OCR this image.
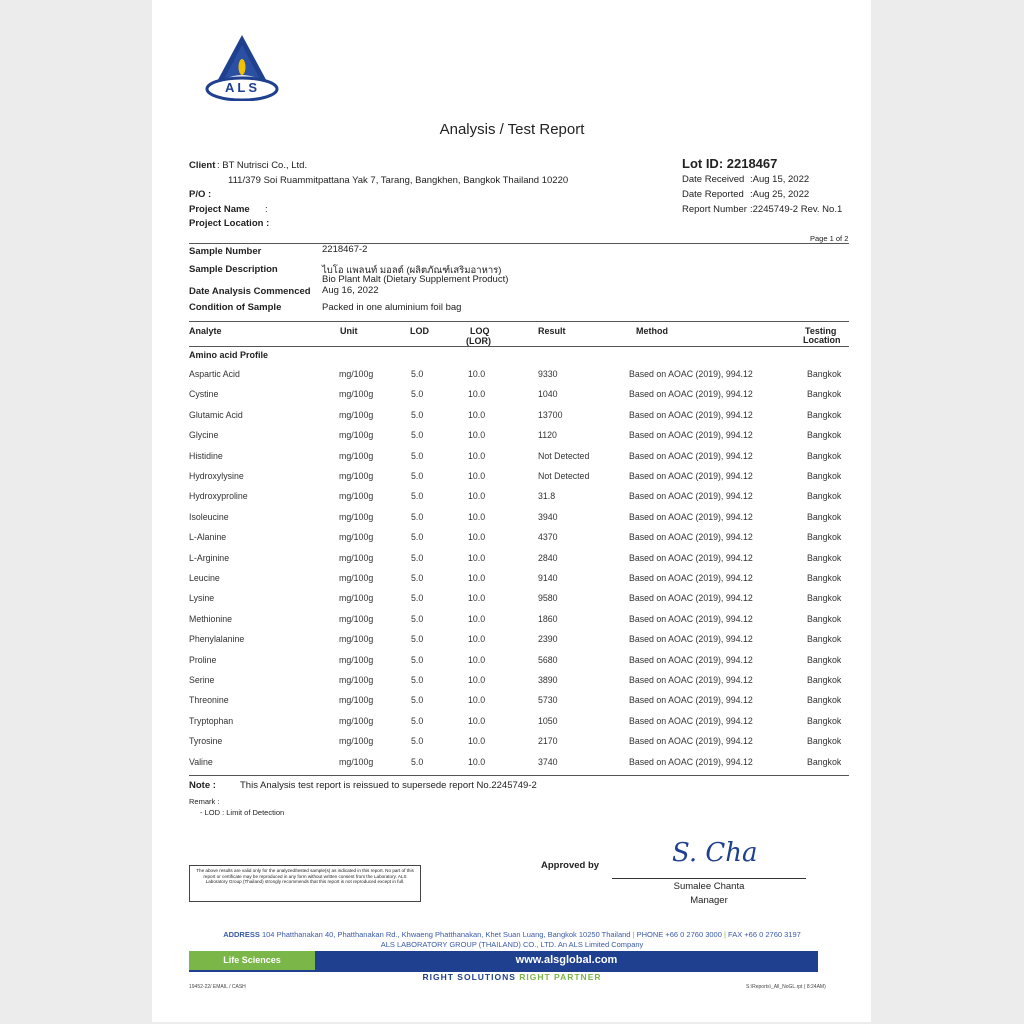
ALS
Analysis / Test Report
Client : BT Nutrisci Co., Ltd.
111/379 Soi Ruammitpattana Yak 7, Tarang, Bangkhen, Bangkok Thailand 10220
P/O :
Project Name :
Project Location :
Lot ID: 2218467
Date Received :Aug 15, 2022
Date Reported :Aug 25, 2022
Report Number :2245749-2 Rev. No.1
Page 1 of 2
Sample Number	2218467-2
Sample Description	ไบโอ แพลนท์ มอลต์ (ผลิตภัณฑ์เสริมอาหาร)
Bio Plant Malt (Dietary Supplement Product)
Date Analysis Commenced Aug 16, 2022
Condition of Sample	Packed in one aluminium foil bag
Analyte	Unit	LOD	LOQ
(LOR)
Result	Method	Testing
Location
Amino acid Profile
Aspartic Acid	mg/100g	5.0	10.0	9330	Based on AOAC (2019), 994.12	Bangkok
Cystine	mg/100g	5.0	10.0	1040	Based on AOAC (2019), 994.12	Bangkok
Glutamic Acid	mg/100g	5.0	10.0	13700	Based on AOAC (2019), 994.12	Bangkok
Glycine	mg/100g	5.0	10.0	1120	Based on AOAC (2019), 994.12	Bangkok
Histidine	mg/100g	5.0	10.0	Not Detected	Based on AOAC (2019), 994.12	Bangkok
Hydroxylysine	mg/100g	5.0	10.0	Not Detected	Based on AOAC (2019), 994.12	Bangkok
Hydroxyproline	mg/100g	5.0	10.0	31.8	Based on AOAC (2019), 994.12	Bangkok
Isoleucine	mg/100g	5.0	10.0	3940	Based on AOAC (2019), 994.12	Bangkok
L-Alanine	mg/100g	5.0	10.0	4370	Based on AOAC (2019), 994.12	Bangkok
L-Arginine	mg/100g	5.0	10.0	2840	Based on AOAC (2019), 994.12	Bangkok
Leucine	mg/100g	5.0	10.0	9140	Based on AOAC (2019), 994.12	Bangkok
Lysine	mg/100g	5.0	10.0	9580	Based on AOAC (2019), 994.12	Bangkok
Methionine	mg/100g	5.0	10.0	1860	Based on AOAC (2019), 994.12	Bangkok
Phenylalanine	mg/100g	5.0	10.0	2390	Based on AOAC (2019), 994.12	Bangkok
Proline	mg/100g	5.0	10.0	5680	Based on AOAC (2019), 994.12	Bangkok
Serine	mg/100g	5.0	10.0	3890	Based on AOAC (2019), 994.12	Bangkok
Threonine	mg/100g	5.0	10.0	5730	Based on AOAC (2019), 994.12	Bangkok
Tryptophan	mg/100g	5.0	10.0	1050	Based on AOAC (2019), 994.12	Bangkok
Tyrosine	mg/100g	5.0	10.0	2170	Based on AOAC (2019), 994.12	Bangkok
Valine	mg/100g	5.0	10.0	3740	Based on AOAC (2019), 994.12	Bangkok
Note :	This Analysis test report is reissued to supersede report No.2245749-2
Remark :
- LOD : Limit of Detection
The above results are valid only for the analyzed/tested sample(s) as indicated in this report. No part of this report or certificate may be reproduced in any form without written consent from the Laboratory. ALS Laboratory Group (Thailand) strongly recommends that this report is not reproduced except in full.
Approved by	S. Cha
Sumalee Chanta
Manager
ADDRESS 104 Phatthanakan 40, Phatthanakan Rd., Khwaeng Phatthanakan, Khet Suan Luang, Bangkok 10250 Thailand | PHONE +66 0 2760 3000 | FAX +66 0 2760 3197
ALS LABORATORY GROUP (THAILAND) CO., LTD. An ALS Limited Company
Life Sciences	www.alsglobal.com
RIGHT SOLUTIONS RIGHT PARTNER
19452-22/ EMAIL / CASH	S:\Reports\_All_NoGL.rpt ( 8:24AM)
